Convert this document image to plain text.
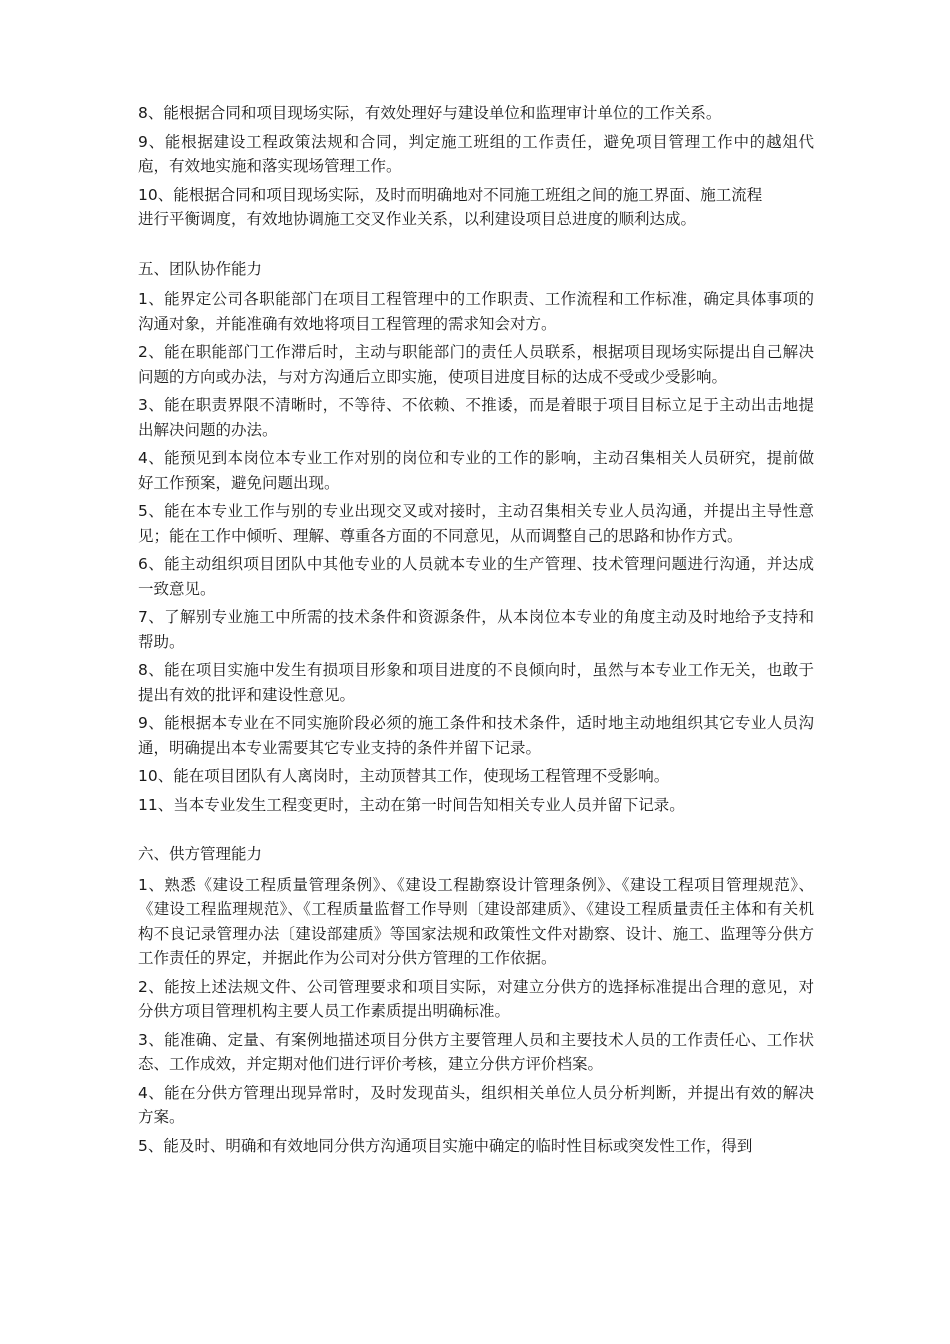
8、能根据合同和项目现场实际，有效处理好与建设单位和监理审计单位的工作关系。

9、能根据建设工程政策法规和合同，判定施工班组的工作责任，避免项目管理工作中的越俎代庖，有效地实施和落实现场管理工作。

10、能根据合同和项目现场实际，及时而明确地对不同施工班组之间的施工界面、施工流程

进行平衡调度，有效地协调施工交叉作业关系，以利建设项目总进度的顺利达成。

五、团队协作能力

1、能界定公司各职能部门在项目工程管理中的工作职责、工作流程和工作标准，确定具体事项的沟通对象，并能准确有效地将项目工程管理的需求知会对方。

2、能在职能部门工作滞后时，主动与职能部门的责任人员联系，根据项目现场实际提出自己解决问题的方向或办法，与对方沟通后立即实施，使项目进度目标的达成不受或少受影响。

3、能在职责界限不清晰时，不等待、不依赖、不推诿，而是着眼于项目目标立足于主动出击地提出解决问题的办法。

4、能预见到本岗位本专业工作对别的岗位和专业的工作的影响，主动召集相关人员研究，提前做好工作预案，避免问题出现。

5、能在本专业工作与别的专业出现交叉或对接时，主动召集相关专业人员沟通，并提出主导性意见；能在工作中倾听、理解、尊重各方面的不同意见，从而调整自己的思路和协作方式。

6、能主动组织项目团队中其他专业的人员就本专业的生产管理、技术管理问题进行沟通，并达成一致意见。

7、了解别专业施工中所需的技术条件和资源条件，从本岗位本专业的角度主动及时地给予支持和帮助。

8、能在项目实施中发生有损项目形象和项目进度的不良倾向时，虽然与本专业工作无关，也敢于提出有效的批评和建设性意见。

9、能根据本专业在不同实施阶段必须的施工条件和技术条件，适时地主动地组织其它专业人员沟通，明确提出本专业需要其它专业支持的条件并留下记录。

10、能在项目团队有人离岗时，主动顶替其工作，使现场工程管理不受影响。

11、当本专业发生工程变更时，主动在第一时间告知相关专业人员并留下记录。

六、供方管理能力

1、熟悉《建设工程质量管理条例》、《建设工程勘察设计管理条例》、《建设工程项目管理规范》、《建设工程监理规范》、《工程质量监督工作导则〔建设部建质》、《建设工程质量责任主体和有关机构不良记录管理办法〔建设部建质》等国家法规和政策性文件对勘察、设计、施工、监理等分供方工作责任的界定，并据此作为公司对分供方管理的工作依据。

2、能按上述法规文件、公司管理要求和项目实际，对建立分供方的选择标准提出合理的意见，对分供方项目管理机构主要人员工作素质提出明确标准。

3、能准确、定量、有案例地描述项目分供方主要管理人员和主要技术人员的工作责任心、工作状态、工作成效，并定期对他们进行评价考核，建立分供方评价档案。

4、能在分供方管理出现异常时，及时发现苗头，组织相关单位人员分析判断，并提出有效的解决方案。

5、能及时、明确和有效地同分供方沟通项目实施中确定的临时性目标或突发性工作，得到
